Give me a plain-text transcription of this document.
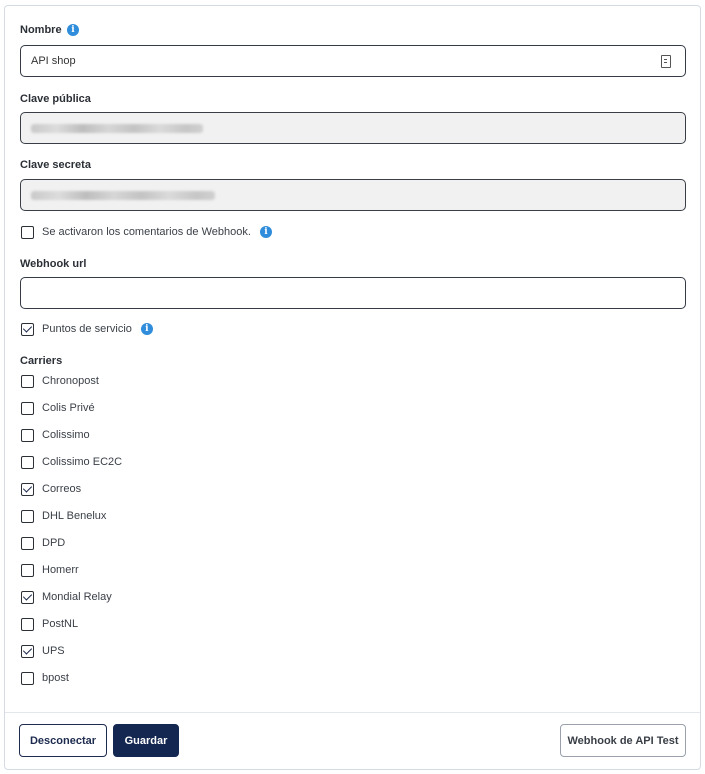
Nombre	i
API shop
Clave pública
Clave secreta
Se activaron los comentarios de Webhook.	i
Webhook url
Puntos de servicio	i
Carriers
Chronopost
Colis Privé
Colissimo
Colissimo EC2C
Correos
DHL Benelux
DPD
Homerr
Mondial Relay
PostNL
UPS
bpost
Desconectar	Guardar	Webhook de API Test
